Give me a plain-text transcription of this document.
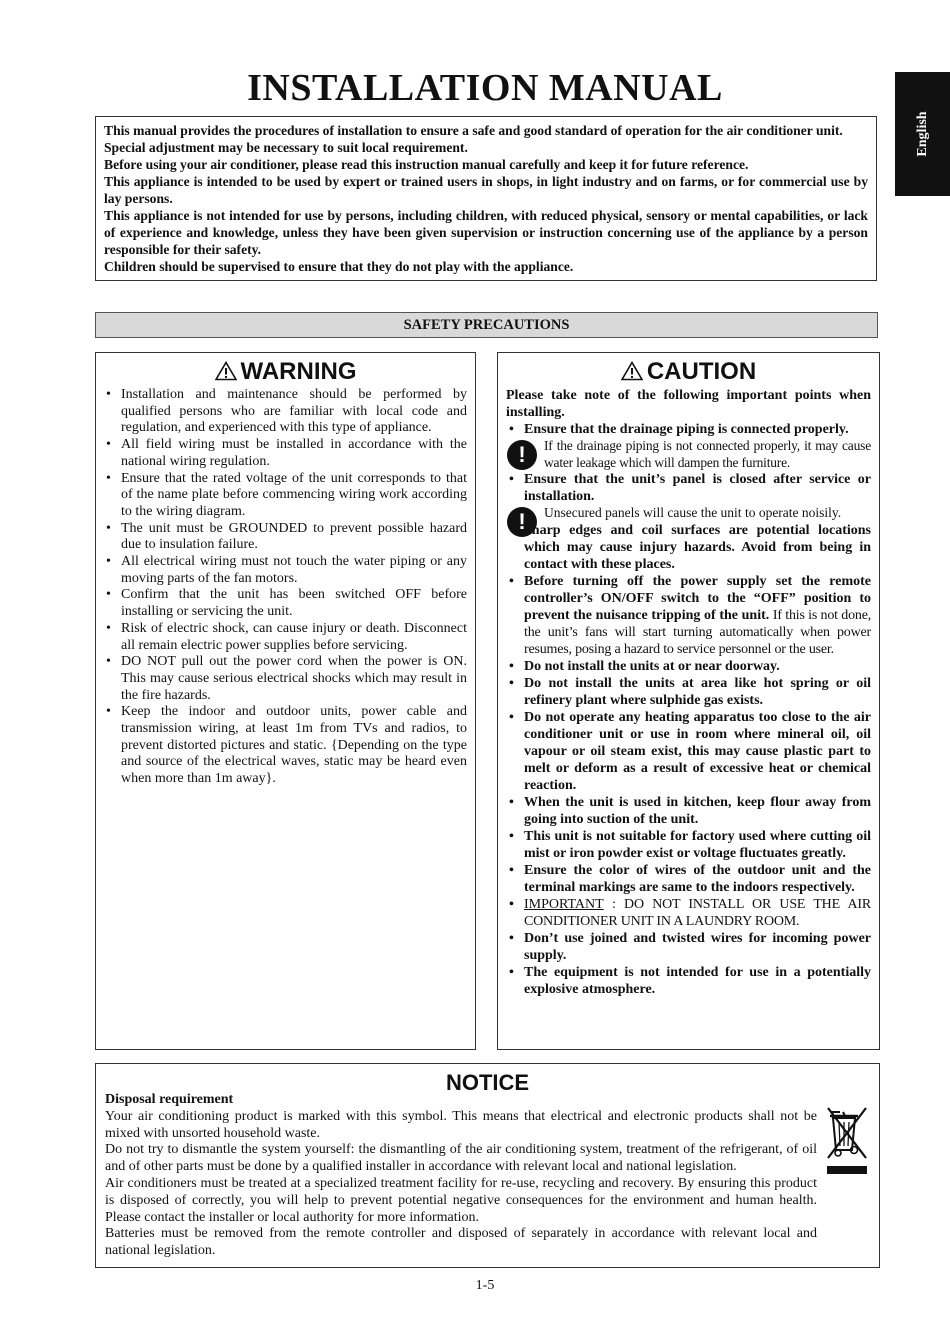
INSTALLATION MANUAL
English

This manual provides the procedures of installation to ensure a safe and good standard of operation for the air conditioner unit.

Special adjustment may be necessary to suit local requirement.

Before using your air conditioner, please read this instruction manual carefully and keep it for future reference.

This appliance is intended to be used by expert or trained users in shops, in light industry and on farms, or for commercial use by lay persons.

This appliance is not intended for use by persons, including children, with reduced physical, sensory or mental capabilities, or lack of experience and knowledge, unless they have been given supervision or instruction concerning use of the appliance by a person responsible for their safety.

Children should be supervised to ensure that they do not play with the appliance.

SAFETY PRECAUTIONS
WARNING
• Installation and maintenance should be performed by qualified persons who are familiar with local code and regulation, and experienced with this type of appliance.
• All field wiring must be installed in accordance with the national wiring regulation.
• Ensure that the rated voltage of the unit corresponds to that of the name plate before commencing wiring work according to the wiring diagram.
• The unit must be GROUNDED to prevent possible hazard due to insulation failure.
• All electrical wiring must not touch the water piping or any moving parts of the fan motors.
• Confirm that the unit has been switched OFF before installing or servicing the unit.
• Risk of electric shock, can cause injury or death. Disconnect all remain electric power supplies before servicing.
• DO NOT pull out the power cord when the power is ON. This may cause serious electrical shocks which may result in the fire hazards.
• Keep the indoor and outdoor units, power cable and transmission wiring, at least 1m from TVs and radios, to prevent distorted pictures and static. {Depending on the type and source of the electrical waves, static may be heard even when more than 1m away}.
CAUTION

Please take note of the following important points when installing.

• Ensure that the drainage piping is connected properly.
!	If the drainage piping is not connected properly, it may cause water leakage which will dampen the furniture.
• Ensure that the unit’s panel is closed after service or installation.
!	Unsecured panels will cause the unit to operate noisily.
• Sharp edges and coil surfaces are potential locations which may cause injury hazards. Avoid from being in contact with these places.
• Before turning off the power supply set the remote controller’s ON/OFF switch to the “OFF” position to prevent the nuisance tripping of the unit. If this is not done, the unit’s fans will start turning automatically when power resumes, posing a hazard to service personnel or the user.
• Do not install the units at or near doorway.
• Do not install the units at area like hot spring or oil refinery plant where sulphide gas exists.
• Do not operate any heating apparatus too close to the air conditioner unit or use in room where mineral oil, oil vapour or oil steam exist, this may cause plastic part to melt or deform as a result of excessive heat or chemical reaction.
• When the unit is used in kitchen, keep flour away from going into suction of the unit.
• This unit is not suitable for factory used where cutting oil mist or iron powder exist or voltage fluctuates greatly.
• Ensure the color of wires of the outdoor unit and the terminal markings are same to the indoors respectively.
• IMPORTANT : DO NOT INSTALL OR USE THE AIR CONDITIONER UNIT IN A LAUNDRY ROOM.
• Don’t use joined and twisted wires for incoming power supply.
• The equipment is not intended for use in a potentially explosive atmosphere.
NOTICE

Disposal requirement

Your air conditioning product is marked with this symbol. This means that electrical and electronic products shall not be mixed with unsorted household waste.

Do not try to dismantle the system yourself: the dismantling of the air conditioning system, treatment of the refrigerant, of oil and of other parts must be done by a qualified installer in accordance with relevant local and national legislation.

Air conditioners must be treated at a specialized treatment facility for re-use, recycling and recovery. By ensuring this product is disposed of correctly, you will help to prevent potential negative consequences for the environment and human health. Please contact the installer or local authority for more information.

Batteries must be removed from the remote controller and disposed of separately in accordance with relevant local and national legislation.

1-5
